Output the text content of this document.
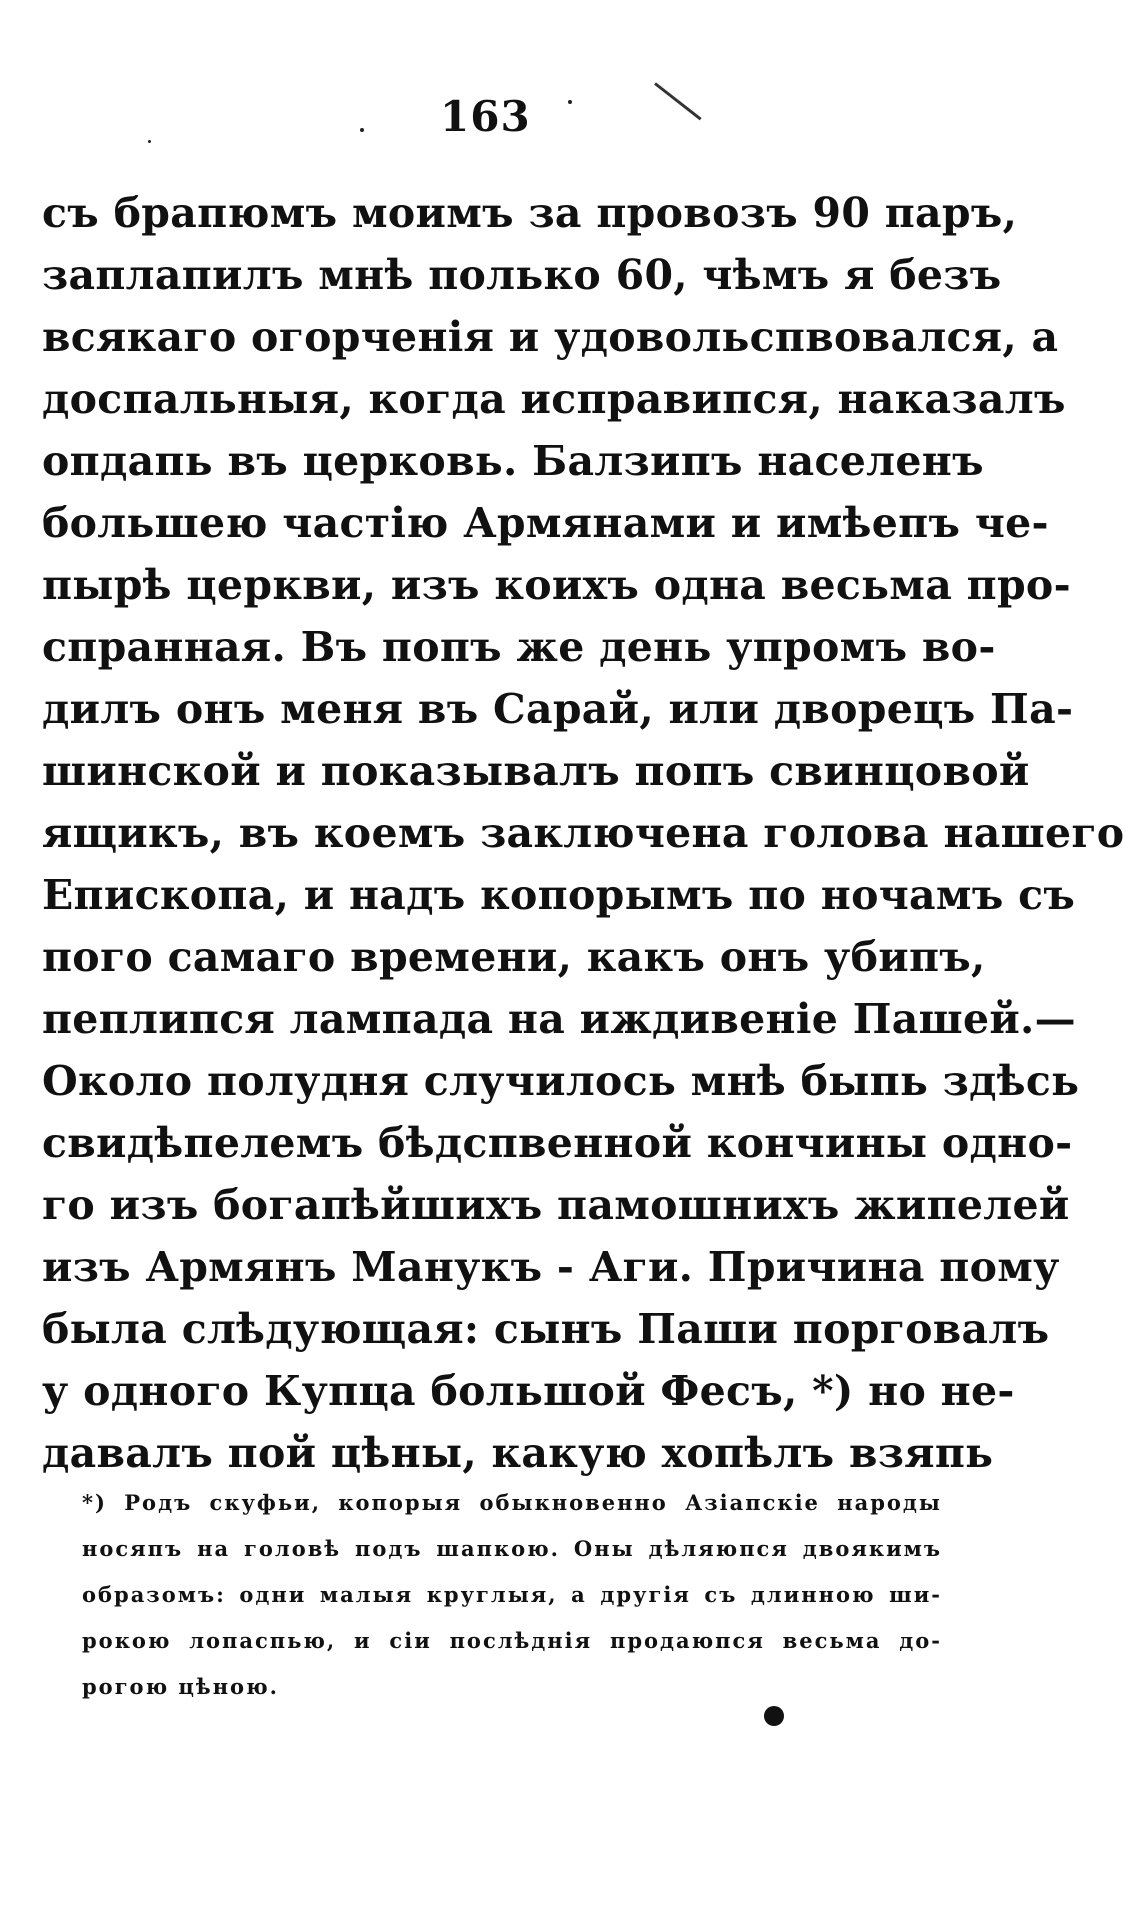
163
съ брапюмъ моимъ за провозъ 90 паръ,
заплапилъ мнѣ полько 60, чѣмъ я безъ
всякаго огорченія и удовольспвовался, а
доспальныя, когда исправипся, наказалъ
опдапь въ церковь. Балзипъ населенъ
большею частію Армянами и имѣепъ че-
пырѣ церкви, изъ коихъ одна весьма про-
спранная. Въ попъ же день упромъ во-
дилъ онъ меня въ Сарай, или дворецъ Па-
шинской и показывалъ попъ свинцовой
ящикъ, въ коемъ заключена голова нашего
Епископа, и надъ копорымъ по ночамъ съ
пого самаго времени, какъ онъ убипъ,
пеплипся лампада на иждивеніе Пашей.—
Около полудня случилось мнѣ быпь здѣсь
свидѣпелемъ бѣдспвенной кончины одно-
го изъ богапѣйшихъ памошнихъ жипелей
изъ Армянъ Манукъ - Аги. Причина пому
была слѣдующая: сынъ Паши порговалъ
у одного Купца большой Фесъ, *) но не-
давалъ пой цѣны, какую хопѣлъ взяпь
*) Родъ скуфьи, копорыя обыкновенно Азіапскіе народы
носяпъ на головѣ подъ шапкою. Оны дѣляюпся двоякимъ
образомъ: одни малыя круглыя, а другія съ длинною ши-
рокою лопаспью, и сіи послѣднія продаюпся весьма до-
рогою цѣною.
